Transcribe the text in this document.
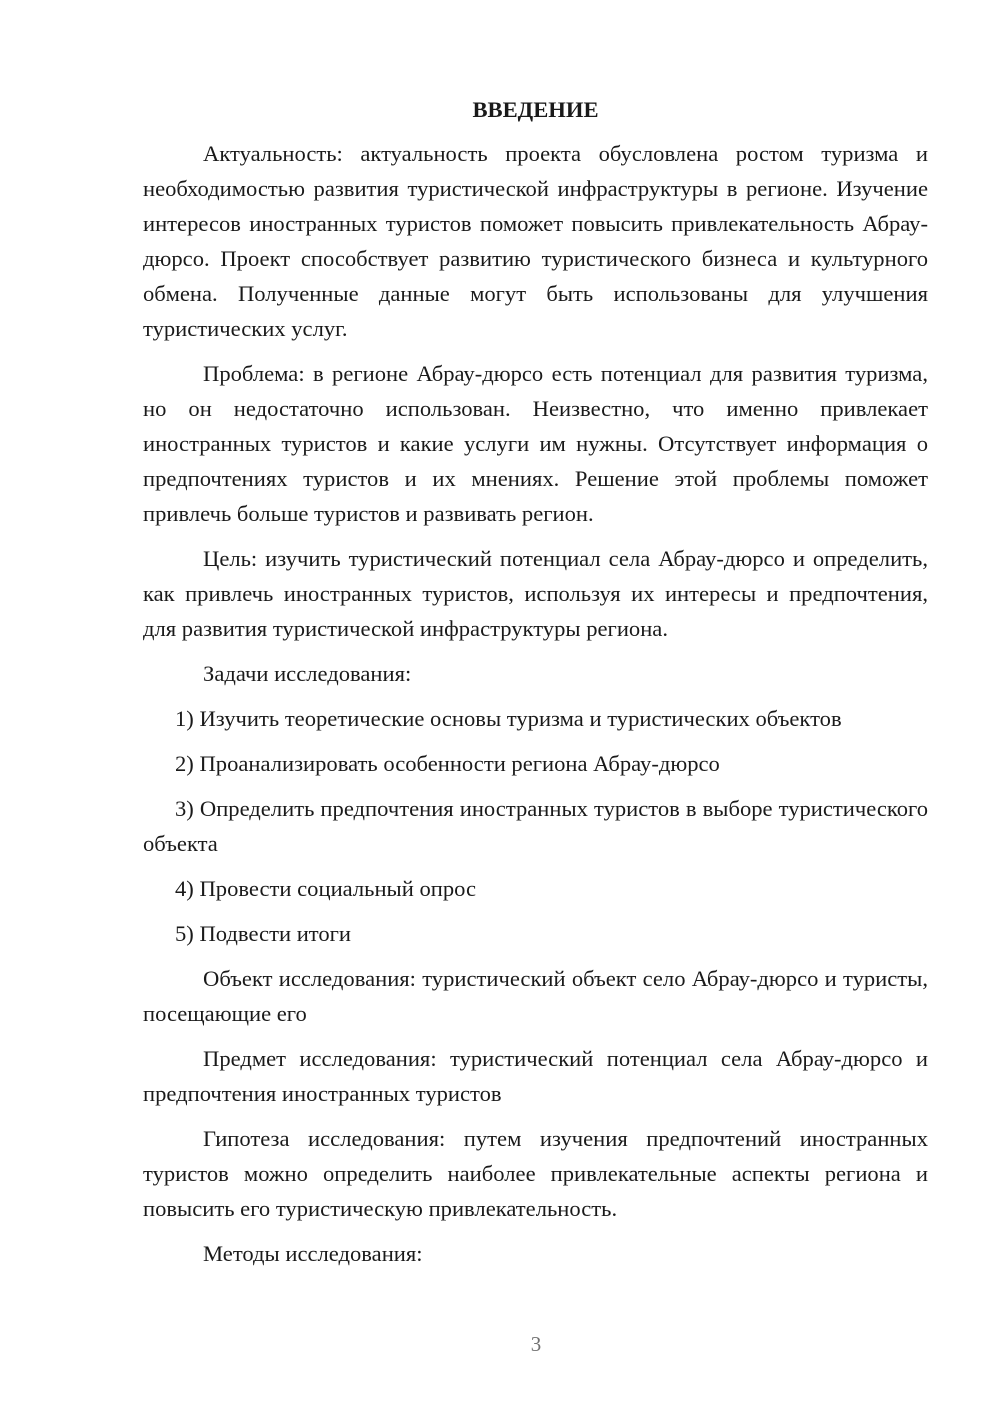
ВВЕДЕНИЕ

Актуальность: актуальность проекта обусловлена ростом туризма и необходимостью развития туристической инфраструктуры в регионе. Изучение интересов иностранных туристов поможет повысить привлекательность Абрау-дюрсо. Проект способствует развитию туристического бизнеса и культурного обмена. Полученные данные могут быть использованы для улучшения туристических услуг.

Проблема: в регионе Абрау-дюрсо есть потенциал для развития туризма, но он недостаточно использован. Неизвестно, что именно привлекает иностранных туристов и какие услуги им нужны. Отсутствует информация о предпочтениях туристов и их мнениях. Решение этой проблемы поможет привлечь больше туристов и развивать регион.

Цель: изучить туристический потенциал села Абрау-дюрсо и определить, как привлечь иностранных туристов, используя их интересы и предпочтения, для развития туристической инфраструктуры региона.

Задачи исследования:

1) Изучить теоретические основы туризма и туристических объектов

2) Проанализировать особенности региона Абрау-дюрсо

3) Определить предпочтения иностранных туристов в выборе туристического объекта

4) Провести социальный опрос

5) Подвести итоги

Объект исследования: туристический объект село Абрау-дюрсо и туристы, посещающие его

Предмет исследования: туристический потенциал села Абрау-дюрсо и предпочтения иностранных туристов

Гипотеза исследования: путем изучения предпочтений иностранных туристов можно определить наиболее привлекательные аспекты региона и повысить его туристическую привлекательность.

Методы исследования:

3
